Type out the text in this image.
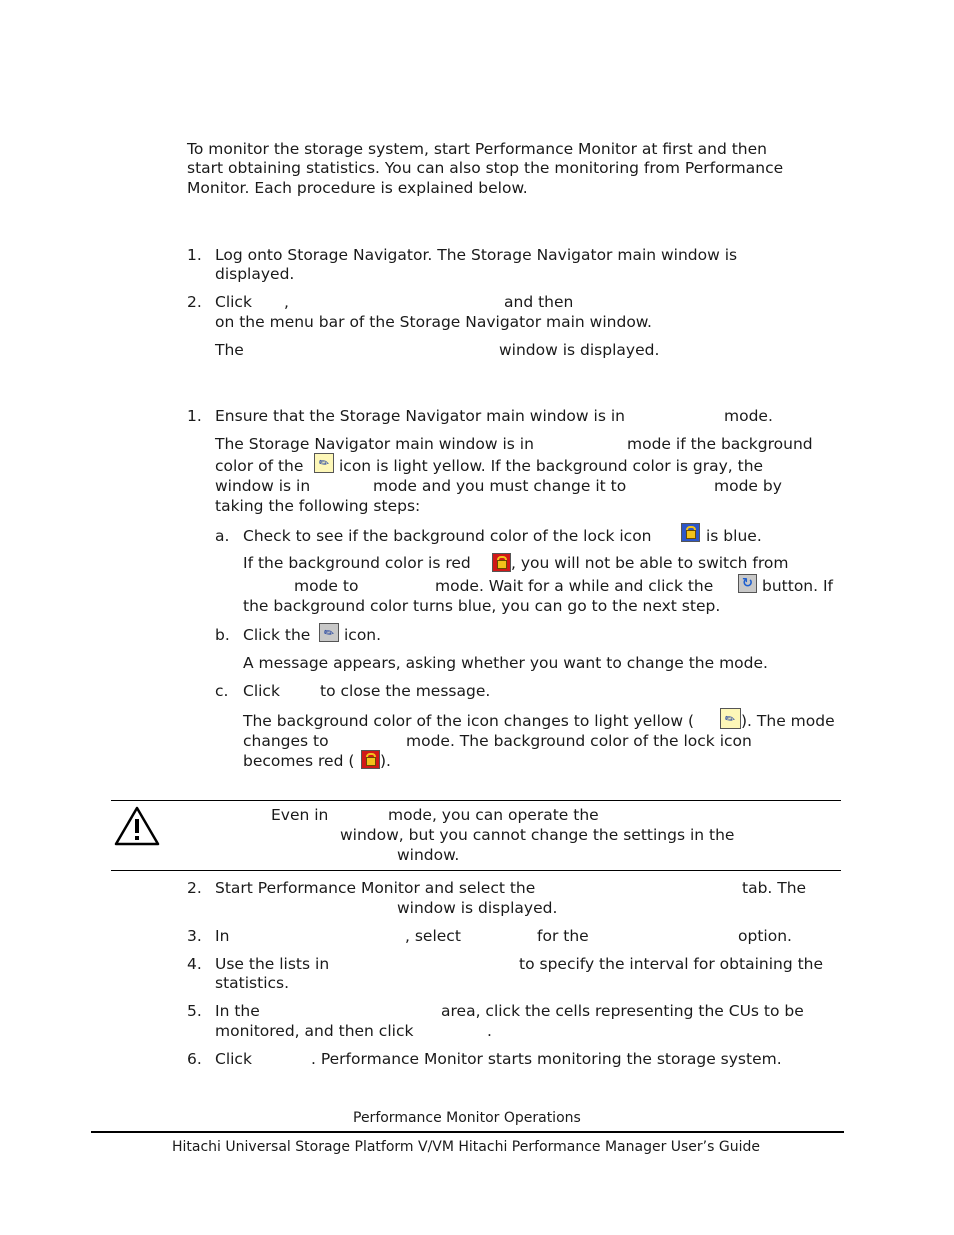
To monitor the storage system, start Performance Monitor at first and then
start obtaining statistics. You can also stop the monitoring from Performance
Monitor. Each procedure is explained below.
1. Log onto Storage Navigator. The Storage Navigator main window is
displayed.
2. Click ,	and then
on the menu bar of the Storage Navigator main window.
The	window is displayed.
1. Ensure that the Storage Navigator main window is in	mode.
The Storage Navigator main window is in	mode if the background
color of the ✎ icon is light yellow. If the background color is gray, the
window is in	mode and you must change it to	mode by
taking the following steps:
a. Check to see if the background color of the lock icon	is blue.
If the background color is red	, you will not be able to switch from
mode to	mode. Wait for a while and click the ↻ button. If
the background color turns blue, you can go to the next step.
b. Click the ✎ icon.
A message appears, asking whether you want to change the mode.
c. Click	to close the message.
The background color of the icon changes to light yellow ( ✎ ). The mode
changes to	mode. The background color of the lock icon
becomes red ( ).
Even in	mode, you can operate the
window, but you cannot change the settings in the
window.
2. Start Performance Monitor and select the	tab. The
window is displayed.
3. In	, select	for the	option.
4. Use the lists in	to specify the interval for obtaining the
statistics.
5. In the	area, click the cells representing the CUs to be
monitored, and then click	.
6. Click	. Performance Monitor starts monitoring the storage system.
Performance Monitor Operations
Hitachi Universal Storage Platform V/VM Hitachi Performance Manager User’s Guide
